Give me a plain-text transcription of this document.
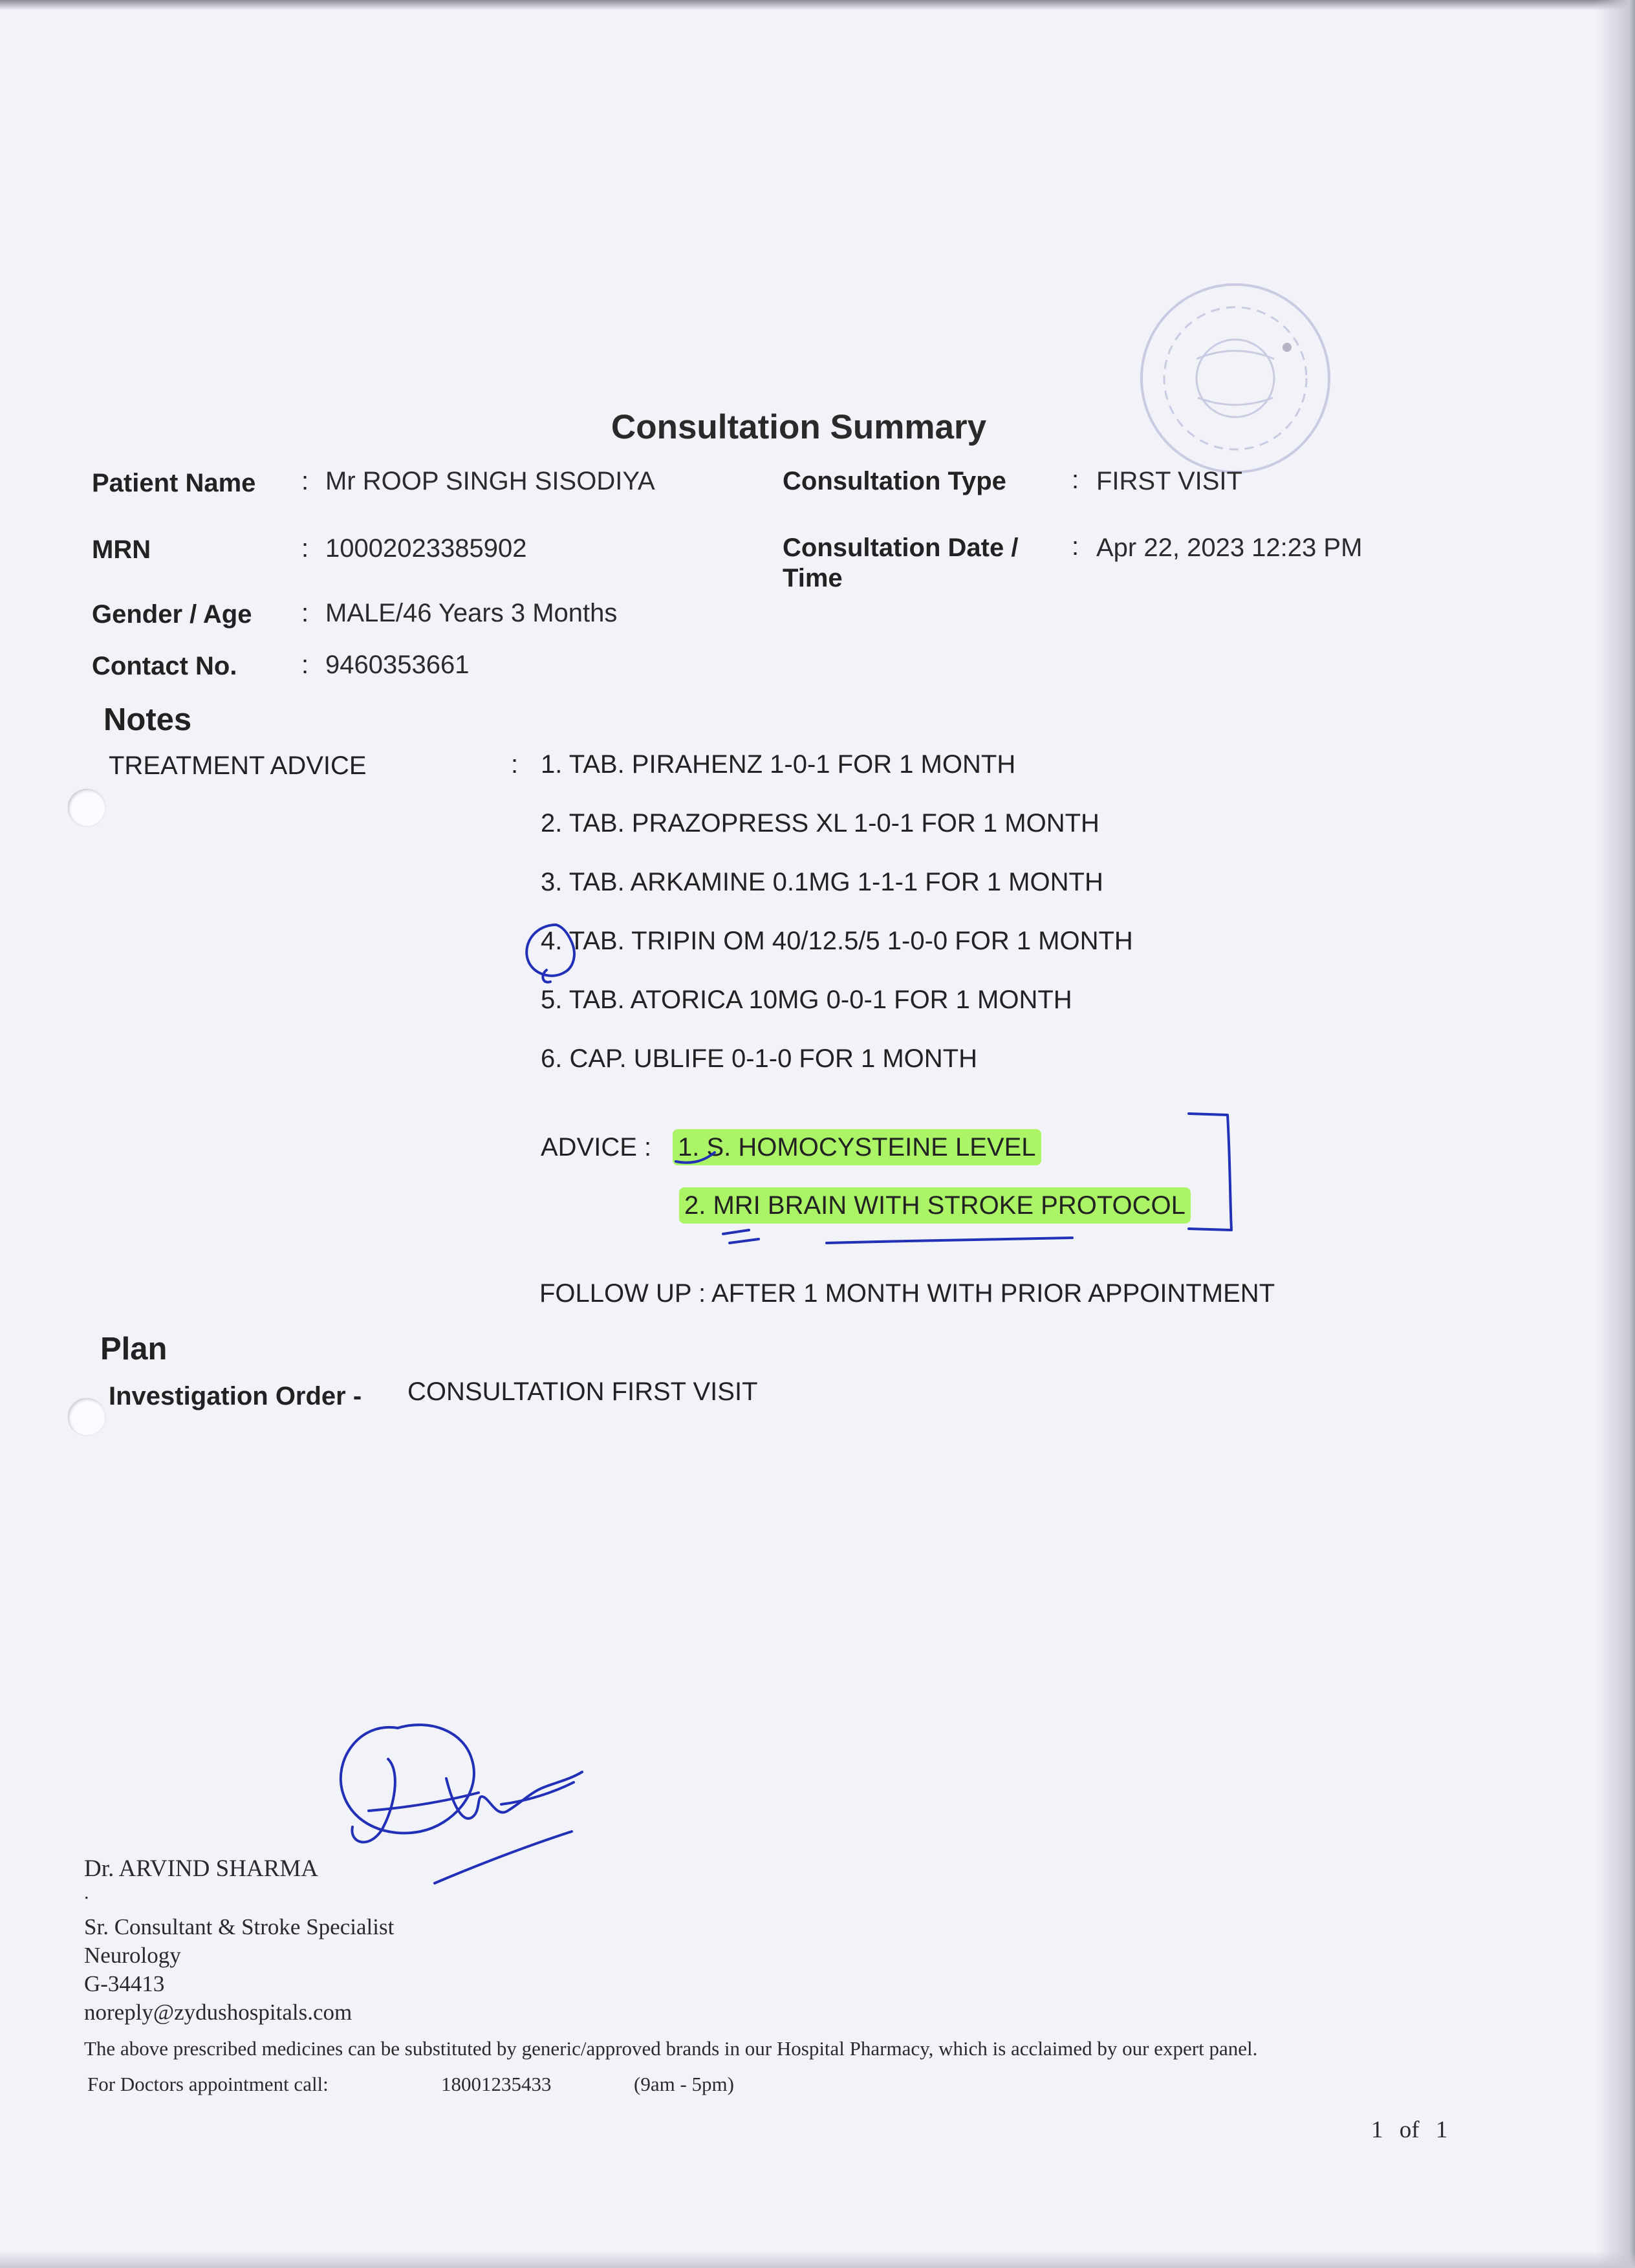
Consultation Summary
Patient Name : Mr ROOP SINGH SISODIYA
MRN	: 10002023385902
Gender / Age : MALE/46 Years 3 Months
Contact No. : 9460353661
Consultation Type	: FIRST VISIT
Consultation Date /
Time
: Apr 22, 2023 12:23 PM
Notes
TREATMENT ADVICE	: 1. TAB. PIRAHENZ 1-0-1 FOR 1 MONTH
2. TAB. PRAZOPRESS XL 1-0-1 FOR 1 MONTH
3. TAB. ARKAMINE 0.1MG 1-1-1 FOR 1 MONTH
4. TAB. TRIPIN OM 40/12.5/5 1-0-0 FOR 1 MONTH
5. TAB. ATORICA 10MG 0-0-1 FOR 1 MONTH
6. CAP. UBLIFE 0-1-0 FOR 1 MONTH
ADVICE : 1. S. HOMOCYSTEINE LEVEL
2. MRI BRAIN WITH STROKE PROTOCOL
FOLLOW UP : AFTER 1 MONTH WITH PRIOR APPOINTMENT
Plan
Investigation Order - CONSULTATION FIRST VISIT
Dr. ARVIND SHARMA
.
Sr. Consultant & Stroke Specialist
Neurology
G-34413
noreply@zydushospitals.com
The above prescribed medicines can be substituted by generic/approved brands in our Hospital Pharmacy, which is acclaimed by our expert panel.
For Doctors appointment call:	18001235433	(9am - 5pm)
1 of 1
